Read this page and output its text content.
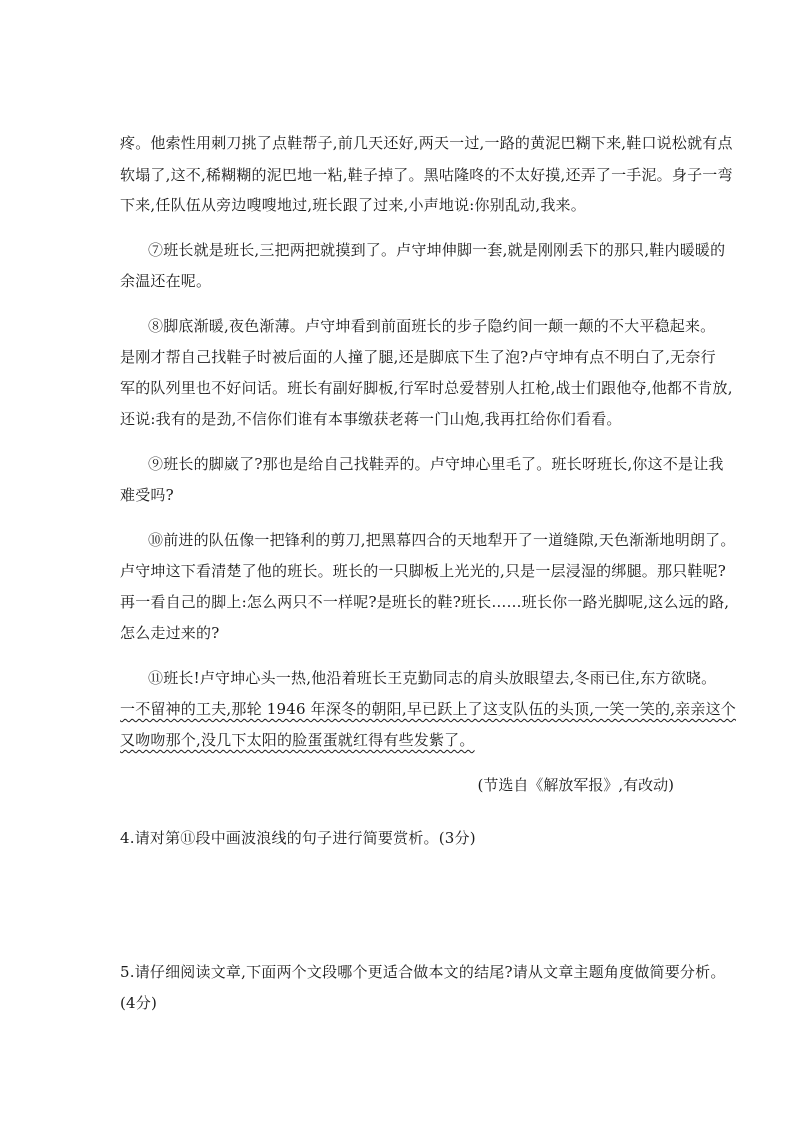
疼。他索性用刺刀挑了点鞋帮子,前几天还好,两天一过,一路的黄泥巴糊下来,鞋口说松就有点
软塌了,这不,稀糊糊的泥巴地一粘,鞋子掉了。黑咕隆咚的不太好摸,还弄了一手泥。身子一弯
下来,任队伍从旁边嗖嗖地过,班长跟了过来,小声地说:你别乱动,我来。
⑦班长就是班长,三把两把就摸到了。卢守坤伸脚一套,就是刚刚丢下的那只,鞋内暖暖的
余温还在呢。
⑧脚底渐暖,夜色渐薄。卢守坤看到前面班长的步子隐约间一颠一颠的不大平稳起来。
是刚才帮自己找鞋子时被后面的人撞了腿,还是脚底下生了泡?卢守坤有点不明白了,无奈行
军的队列里也不好问话。班长有副好脚板,行军时总爱替别人扛枪,战士们跟他夺,他都不肯放,
还说:我有的是劲,不信你们谁有本事缴获老蒋一门山炮,我再扛给你们看看。
⑨班长的脚崴了?那也是给自己找鞋弄的。卢守坤心里毛了。班长呀班长,你这不是让我
难受吗?
⑩前进的队伍像一把锋利的剪刀,把黑幕四合的天地犁开了一道缝隙,天色渐渐地明朗了。
卢守坤这下看清楚了他的班长。班长的一只脚板上光光的,只是一层浸湿的绑腿。那只鞋呢?
再一看自己的脚上:怎么两只不一样呢?是班长的鞋?班长……班长你一路光脚呢,这么远的路,
怎么走过来的?
⑪班长!卢守坤心头一热,他沿着班长王克勤同志的肩头放眼望去,冬雨已住,东方欲晓。
一不留神的工夫,那轮 1946 年深冬的朝阳,早已跃上了这支队伍的头顶,一笑一笑的,亲亲这个
又吻吻那个,没几下太阳的脸蛋蛋就红得有些发紫了。
(节选自《解放军报》,有改动)
4.请对第⑪段中画波浪线的句子进行简要赏析。(3分)
5.请仔细阅读文章,下面两个文段哪个更适合做本文的结尾?请从文章主题角度做简要分析。
(4分)
